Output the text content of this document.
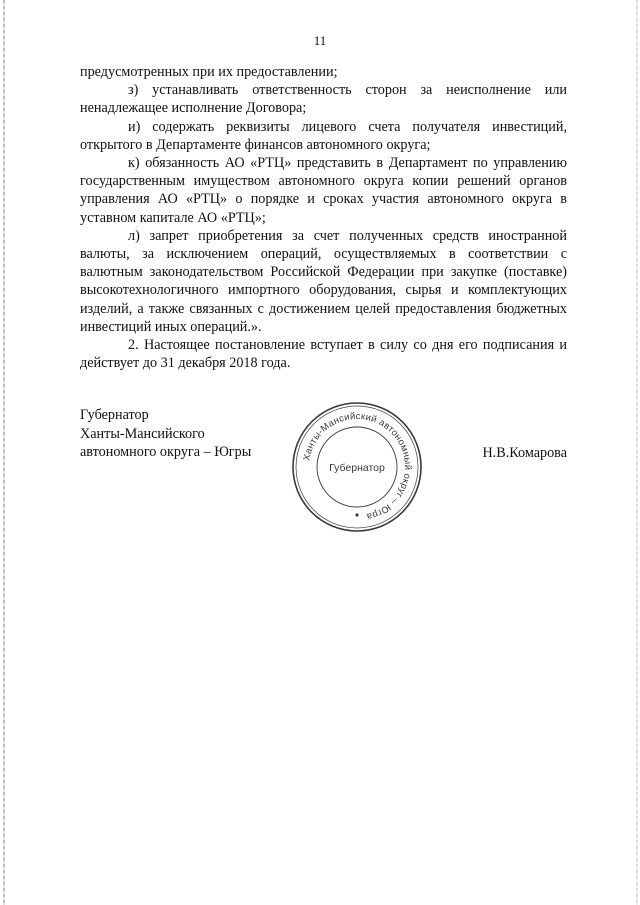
11

предусмотренных при их предоставлении;

з) устанавливать ответственность сторон за неисполнение или ненадлежащее исполнение Договора;

и) содержать реквизиты лицевого счета получателя инвестиций, открытого в Департаменте финансов автономного округа;

к) обязанность АО «РТЦ» представить в Департамент по управлению государственным имуществом автономного округа копии решений органов управления АО «РТЦ» о порядке и сроках участия автономного округа в уставном капитале АО «РТЦ»;

л) запрет приобретения за счет полученных средств иностранной валюты, за исключением операций, осуществляемых в соответствии с валютным законодательством Российской Федерации при закупке (поставке) высокотехнологичного импортного оборудования, сырья и комплектующих изделий, а также связанных с достижением целей предоставления бюджетных инвестиций иных операций.».

2. Настоящее постановление вступает в силу со дня его подписания и действует до 31 декабря 2018 года.

Губернатор
Ханты-Мансийского
автономного округа – Югры	Ханты-Мансийский автономный округ – Югра
Губернатор
Н.В.Комарова
